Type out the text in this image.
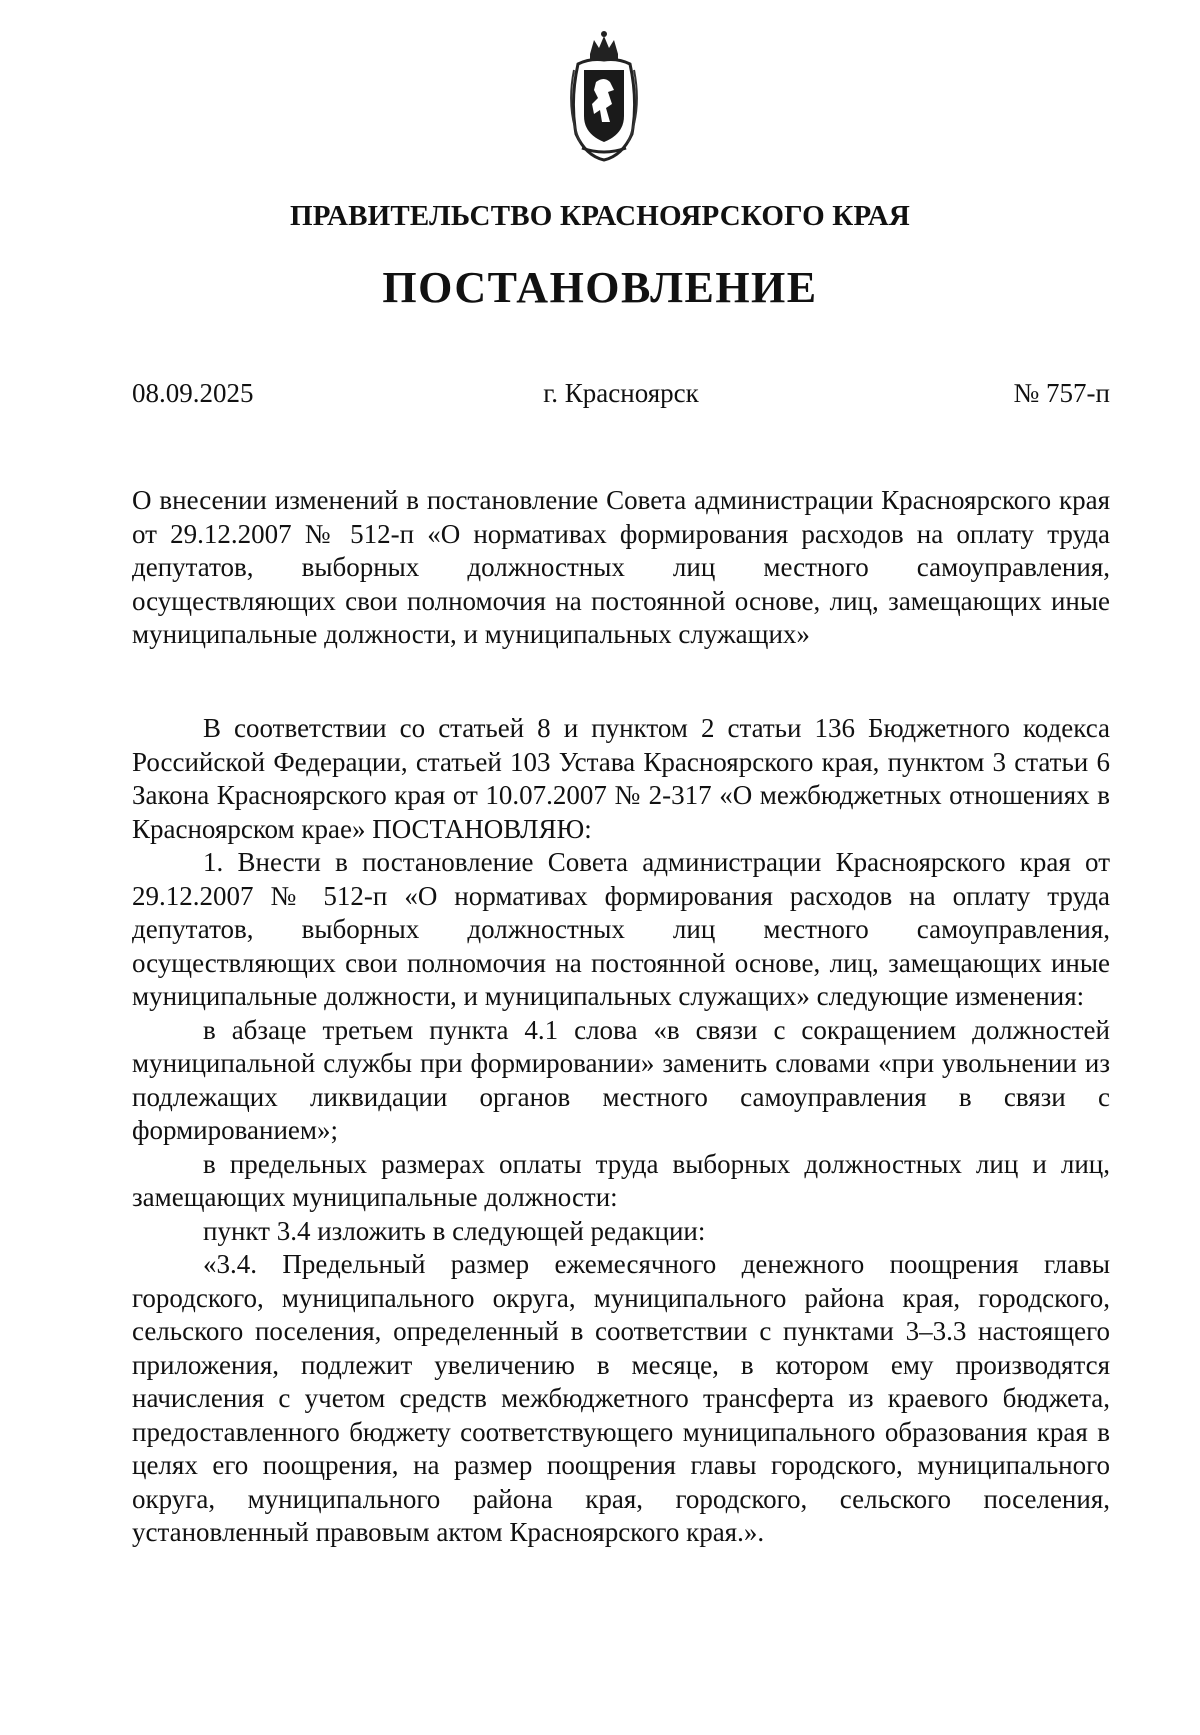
ПРАВИТЕЛЬСТВО КРАСНОЯРСКОГО КРАЯ
ПОСТАНОВЛЕНИЕ
08.09.2025	г. Красноярск	№ 757-п
О внесении изменений в постановление Совета администрации Красноярского края от 29.12.2007 № 512-п «О нормативах формирования расходов на оплату труда депутатов, выборных должностных лиц местного самоуправления, осуществляющих свои полномочия на постоянной основе, лиц, замещающих иные муниципальные должности, и муниципальных служащих»

В соответствии со статьей 8 и пунктом 2 статьи 136 Бюджетного кодекса Российской Федерации, статьей 103 Устава Красноярского края, пунктом 3 статьи 6 Закона Красноярского края от 10.07.2007 № 2-317 «О межбюджетных отношениях в Красноярском крае» ПОСТАНОВЛЯЮ:

1. Внести в постановление Совета администрации Красноярского края от 29.12.2007 № 512-п «О нормативах формирования расходов на оплату труда депутатов, выборных должностных лиц местного самоуправления, осуществляющих свои полномочия на постоянной основе, лиц, замещающих иные муниципальные должности, и муниципальных служащих» следующие изменения:

в абзаце третьем пункта 4.1 слова «в связи с сокращением должностей муниципальной службы при формировании» заменить словами «при увольнении из подлежащих ликвидации органов местного самоуправления в связи с формированием»;

в предельных размерах оплаты труда выборных должностных лиц и лиц, замещающих муниципальные должности:

пункт 3.4 изложить в следующей редакции:

«3.4. Предельный размер ежемесячного денежного поощрения главы городского, муниципального округа, муниципального района края, городского, сельского поселения, определенный в соответствии с пунктами 3–3.3 настоящего приложения, подлежит увеличению в месяце, в котором ему производятся начисления с учетом средств межбюджетного трансферта из краевого бюджета, предоставленного бюджету соответствующего муниципального образования края в целях его поощрения, на размер поощрения главы городского, муниципального округа, муниципального района края, городского, сельского поселения, установленный правовым актом Красноярского края.».
